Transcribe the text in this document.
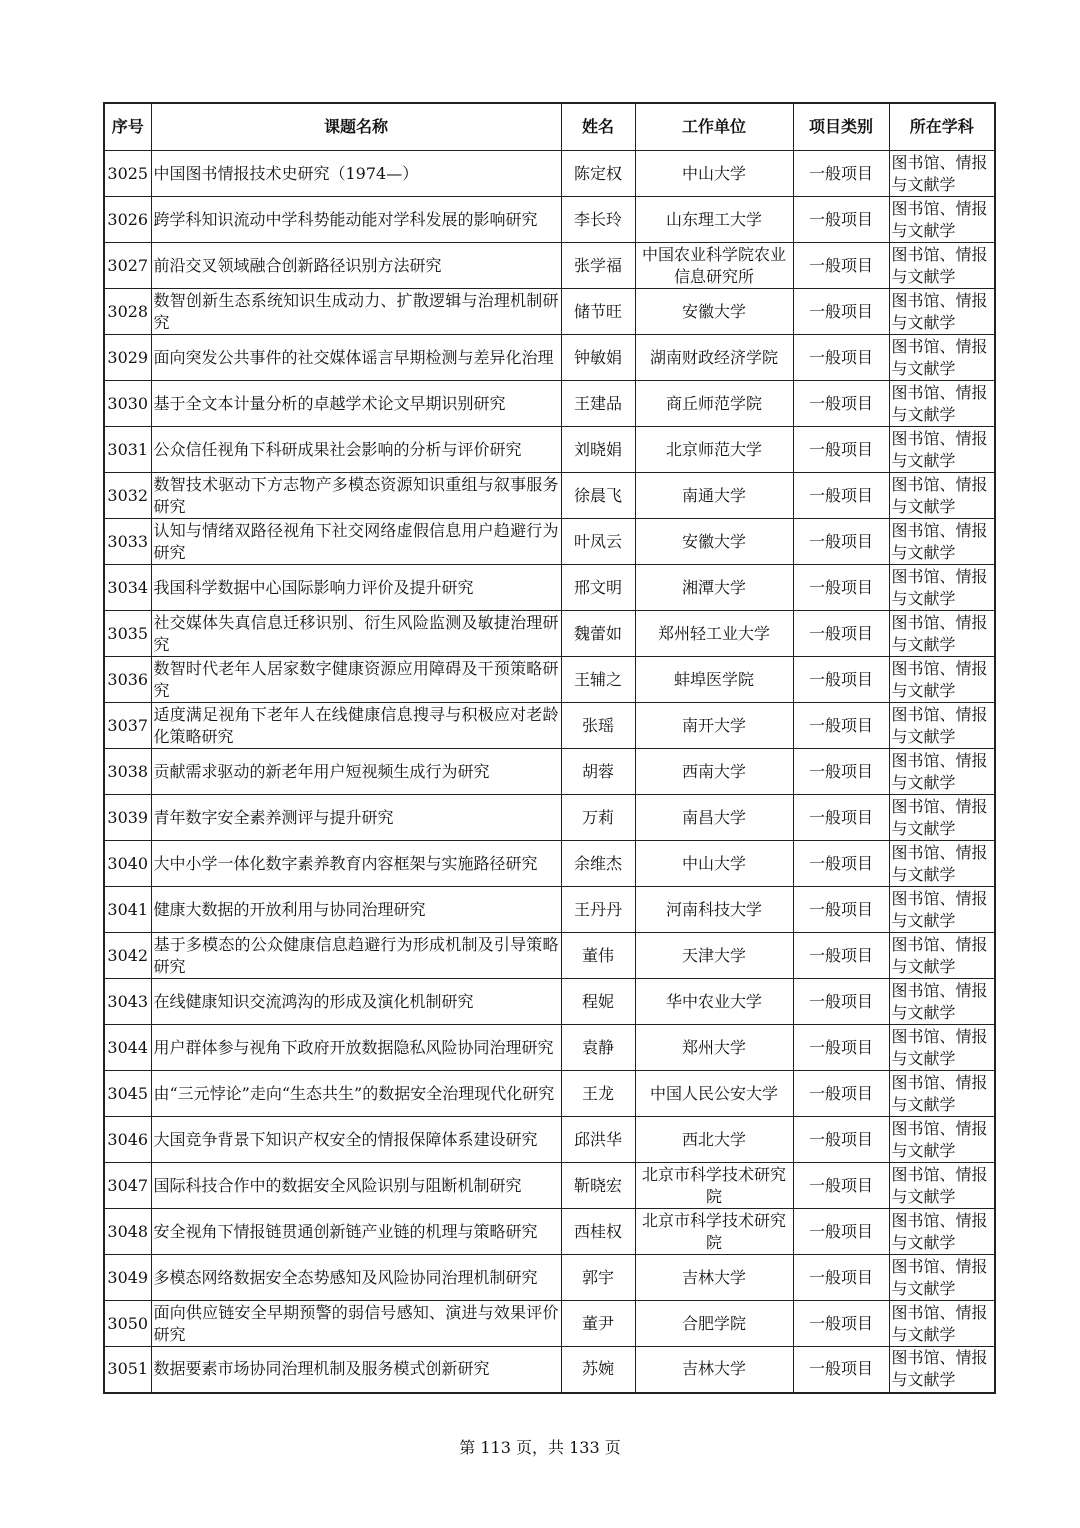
序号	课题名称	姓名	工作单位	项目类别	所在学科
3025	中国图书情报技术史研究（1974—）	陈定权	中山大学	一般项目	图书馆、情报与文献学
3026	跨学科知识流动中学科势能动能对学科发展的影响研究	李长玲	山东理工大学	一般项目	图书馆、情报与文献学
3027	前沿交叉领域融合创新路径识别方法研究	张学福	中国农业科学院农业信息研究所	一般项目	图书馆、情报与文献学
3028	数智创新生态系统知识生成动力、扩散逻辑与治理机制研究	储节旺	安徽大学	一般项目	图书馆、情报与文献学
3029	面向突发公共事件的社交媒体谣言早期检测与差异化治理	钟敏娟	湖南财政经济学院	一般项目	图书馆、情报与文献学
3030	基于全文本计量分析的卓越学术论文早期识别研究	王建品	商丘师范学院	一般项目	图书馆、情报与文献学
3031	公众信任视角下科研成果社会影响的分析与评价研究	刘晓娟	北京师范大学	一般项目	图书馆、情报与文献学
3032	数智技术驱动下方志物产多模态资源知识重组与叙事服务研究	徐晨飞	南通大学	一般项目	图书馆、情报与文献学
3033	认知与情绪双路径视角下社交网络虚假信息用户趋避行为研究	叶凤云	安徽大学	一般项目	图书馆、情报与文献学
3034	我国科学数据中心国际影响力评价及提升研究	邢文明	湘潭大学	一般项目	图书馆、情报与文献学
3035	社交媒体失真信息迁移识别、衍生风险监测及敏捷治理研究	魏蕾如	郑州轻工业大学	一般项目	图书馆、情报与文献学
3036	数智时代老年人居家数字健康资源应用障碍及干预策略研究	王辅之	蚌埠医学院	一般项目	图书馆、情报与文献学
3037	适度满足视角下老年人在线健康信息搜寻与积极应对老龄化策略研究	张瑶	南开大学	一般项目	图书馆、情报与文献学
3038	贡献需求驱动的新老年用户短视频生成行为研究	胡蓉	西南大学	一般项目	图书馆、情报与文献学
3039	青年数字安全素养测评与提升研究	万莉	南昌大学	一般项目	图书馆、情报与文献学
3040	大中小学一体化数字素养教育内容框架与实施路径研究	余维杰	中山大学	一般项目	图书馆、情报与文献学
3041	健康大数据的开放利用与协同治理研究	王丹丹	河南科技大学	一般项目	图书馆、情报与文献学
3042	基于多模态的公众健康信息趋避行为形成机制及引导策略研究	董伟	天津大学	一般项目	图书馆、情报与文献学
3043	在线健康知识交流鸿沟的形成及演化机制研究	程妮	华中农业大学	一般项目	图书馆、情报与文献学
3044	用户群体参与视角下政府开放数据隐私风险协同治理研究	袁静	郑州大学	一般项目	图书馆、情报与文献学
3045	由“三元悖论”走向“生态共生”的数据安全治理现代化研究	王龙	中国人民公安大学	一般项目	图书馆、情报与文献学
3046	大国竞争背景下知识产权安全的情报保障体系建设研究	邱洪华	西北大学	一般项目	图书馆、情报与文献学
3047	国际科技合作中的数据安全风险识别与阻断机制研究	靳晓宏	北京市科学技术研究院	一般项目	图书馆、情报与文献学
3048	安全视角下情报链贯通创新链产业链的机理与策略研究	西桂权	北京市科学技术研究院	一般项目	图书馆、情报与文献学
3049	多模态网络数据安全态势感知及风险协同治理机制研究	郭宇	吉林大学	一般项目	图书馆、情报与文献学
3050	面向供应链安全早期预警的弱信号感知、演进与效果评价研究	董尹	合肥学院	一般项目	图书馆、情报与文献学
3051	数据要素市场协同治理机制及服务模式创新研究	苏婉	吉林大学	一般项目	图书馆、情报与文献学
第 113 页，共 133 页
